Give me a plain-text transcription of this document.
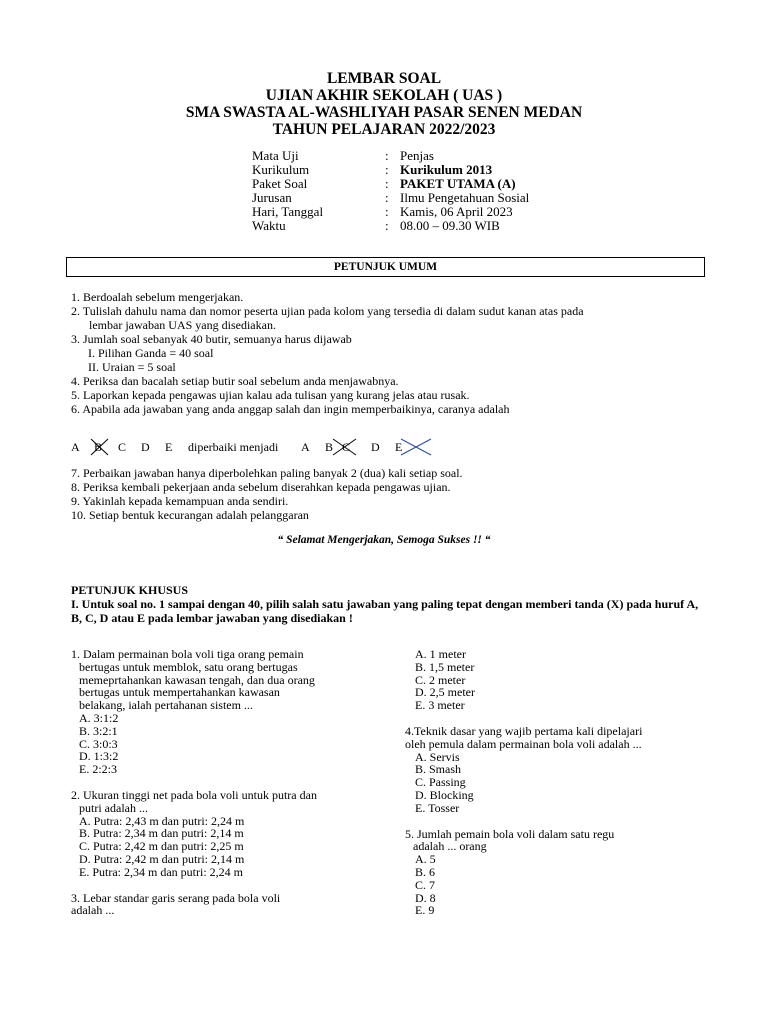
LEMBAR SOAL
UJIAN AKHIR SEKOLAH ( UAS )
SMA SWASTA AL-WASHLIYAH PASAR SENEN MEDAN
TAHUN PELAJARAN 2022/2023
Mata Uji	: Penjas
Kurikulum	: Kurikulum 2013
Paket Soal	: PAKET UTAMA (A)
Jurusan	: Ilmu Pengetahuan Sosial
Hari, Tanggal	: Kamis, 06 April 2023
Waktu	: 08.00 – 09.30 WIB
PETUNJUK UMUM
1. Berdoalah sebelum mengerjakan.
2. Tulislah dahulu nama dan nomor peserta ujian pada kolom yang tersedia di dalam sudut kanan atas pada
lembar jawaban UAS yang disediakan.
3. Jumlah soal sebanyak 40 butir, semuanya harus dijawab
I. Pilihan Ganda = 40 soal
II. Uraian = 5 soal
4. Periksa dan bacalah setiap butir soal sebelum anda menjawabnya.
5. Laporkan kepada pengawas ujian kalau ada tulisan yang kurang jelas atau rusak.
6. Apabila ada jawaban yang anda anggap salah dan ingin memperbaikinya, caranya adalah
A B C D E diperbaiki menjadi A B C D E
7. Perbaikan jawaban hanya diperbolehkan paling banyak 2 (dua) kali setiap soal.
8. Periksa kembali pekerjaan anda sebelum diserahkan kepada pengawas ujian.
9. Yakinlah kepada kemampuan anda sendiri.
10. Setiap bentuk kecurangan adalah pelanggaran
“ Selamat Mengerjakan, Semoga Sukses !! “
PETUNJUK KHUSUS
I. Untuk soal no. 1 sampai dengan 40, pilih salah satu jawaban yang paling tepat dengan memberi tanda (X) pada huruf A, B, C, D atau E pada lembar jawaban yang disediakan !
1. Dalam permainan bola voli tiga orang pemain
bertugas untuk memblok, satu orang bertugas
memeprtahankan kawasan tengah, dan dua orang
bertugas untuk mempertahankan kawasan
belakang, ialah pertahanan sistem ...
A. 3:1:2
B. 3:2:1
C. 3:0:3
D. 1:3:2
E. 2:2:3
2. Ukuran tinggi net pada bola voli untuk putra dan
putri adalah ...
A. Putra: 2,43 m dan putri: 2,24 m
B. Putra: 2,34 m dan putri: 2,14 m
C. Putra: 2,42 m dan putri: 2,25 m
D. Putra: 2,42 m dan putri: 2,14 m
E. Putra: 2,34 m dan putri: 2,24 m
3. Lebar standar garis serang pada bola voli
adalah ...
A. 1 meter
B. 1,5 meter
C. 2 meter
D. 2,5 meter
E. 3 meter
4.Teknik dasar yang wajib pertama kali dipelajari
oleh pemula dalam permainan bola voli adalah ...
A. Servis
B. Smash
C. Passing
D. Blocking
E. Tosser
5. Jumlah pemain bola voli dalam satu regu
adalah ... orang
A. 5
B. 6
C. 7
D. 8
E. 9
